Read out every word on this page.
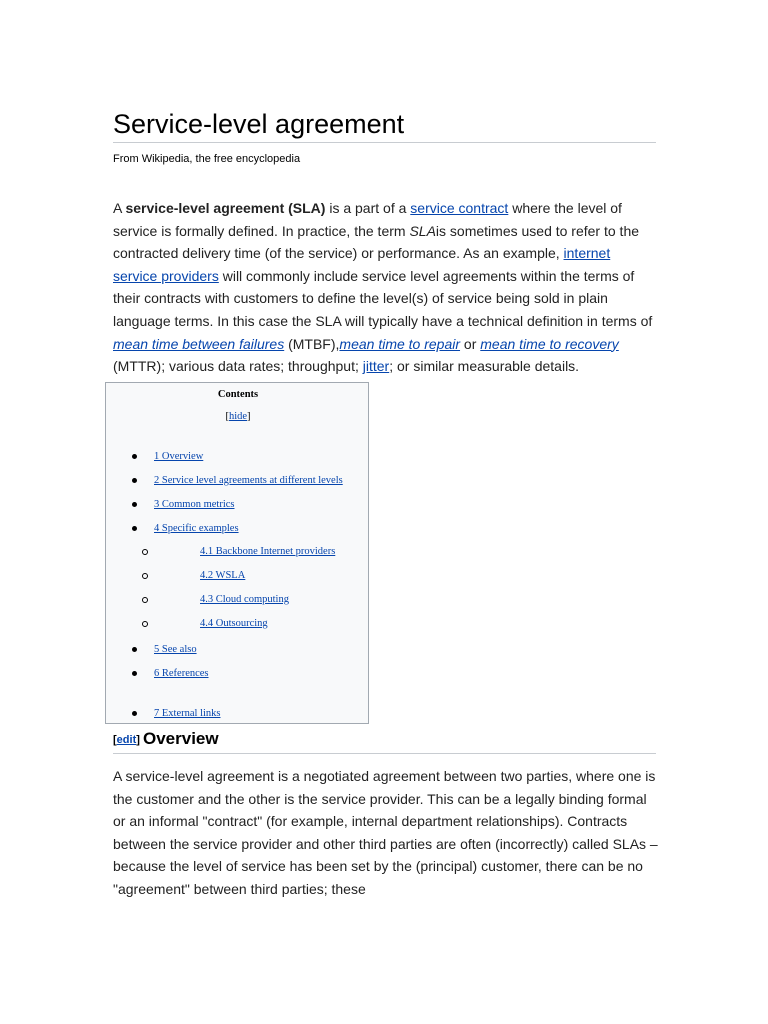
Service-level agreement
From Wikipedia, the free encyclopedia

A service-level agreement (SLA) is a part of a service contract where the level of service is formally defined. In practice, the term SLAis sometimes used to refer to the contracted delivery time (of the service) or performance. As an example, internet service providers will commonly include service level agreements within the terms of their contracts with customers to define the level(s) of service being sold in plain language terms. In this case the SLA will typically have a technical definition in terms of mean time between failures (MTBF),mean time to repair or mean time to recovery (MTTR); various data rates; throughput; jitter; or similar measurable details.

Contents
[hide]
1 Overview
2 Service level agreements at different levels
3 Common metrics
4 Specific examples
4.1 Backbone Internet providers
4.2 WSLA
4.3 Cloud computing
4.4 Outsourcing
5 See also
6 References
7 External links
[edit] Overview

A service-level agreement is a negotiated agreement between two parties, where one is the customer and the other is the service provider. This can be a legally binding formal or an informal "contract" (for example, internal department relationships). Contracts between the service provider and other third parties are often (incorrectly) called SLAs – because the level of service has been set by the (principal) customer, there can be no "agreement" between third parties; these
